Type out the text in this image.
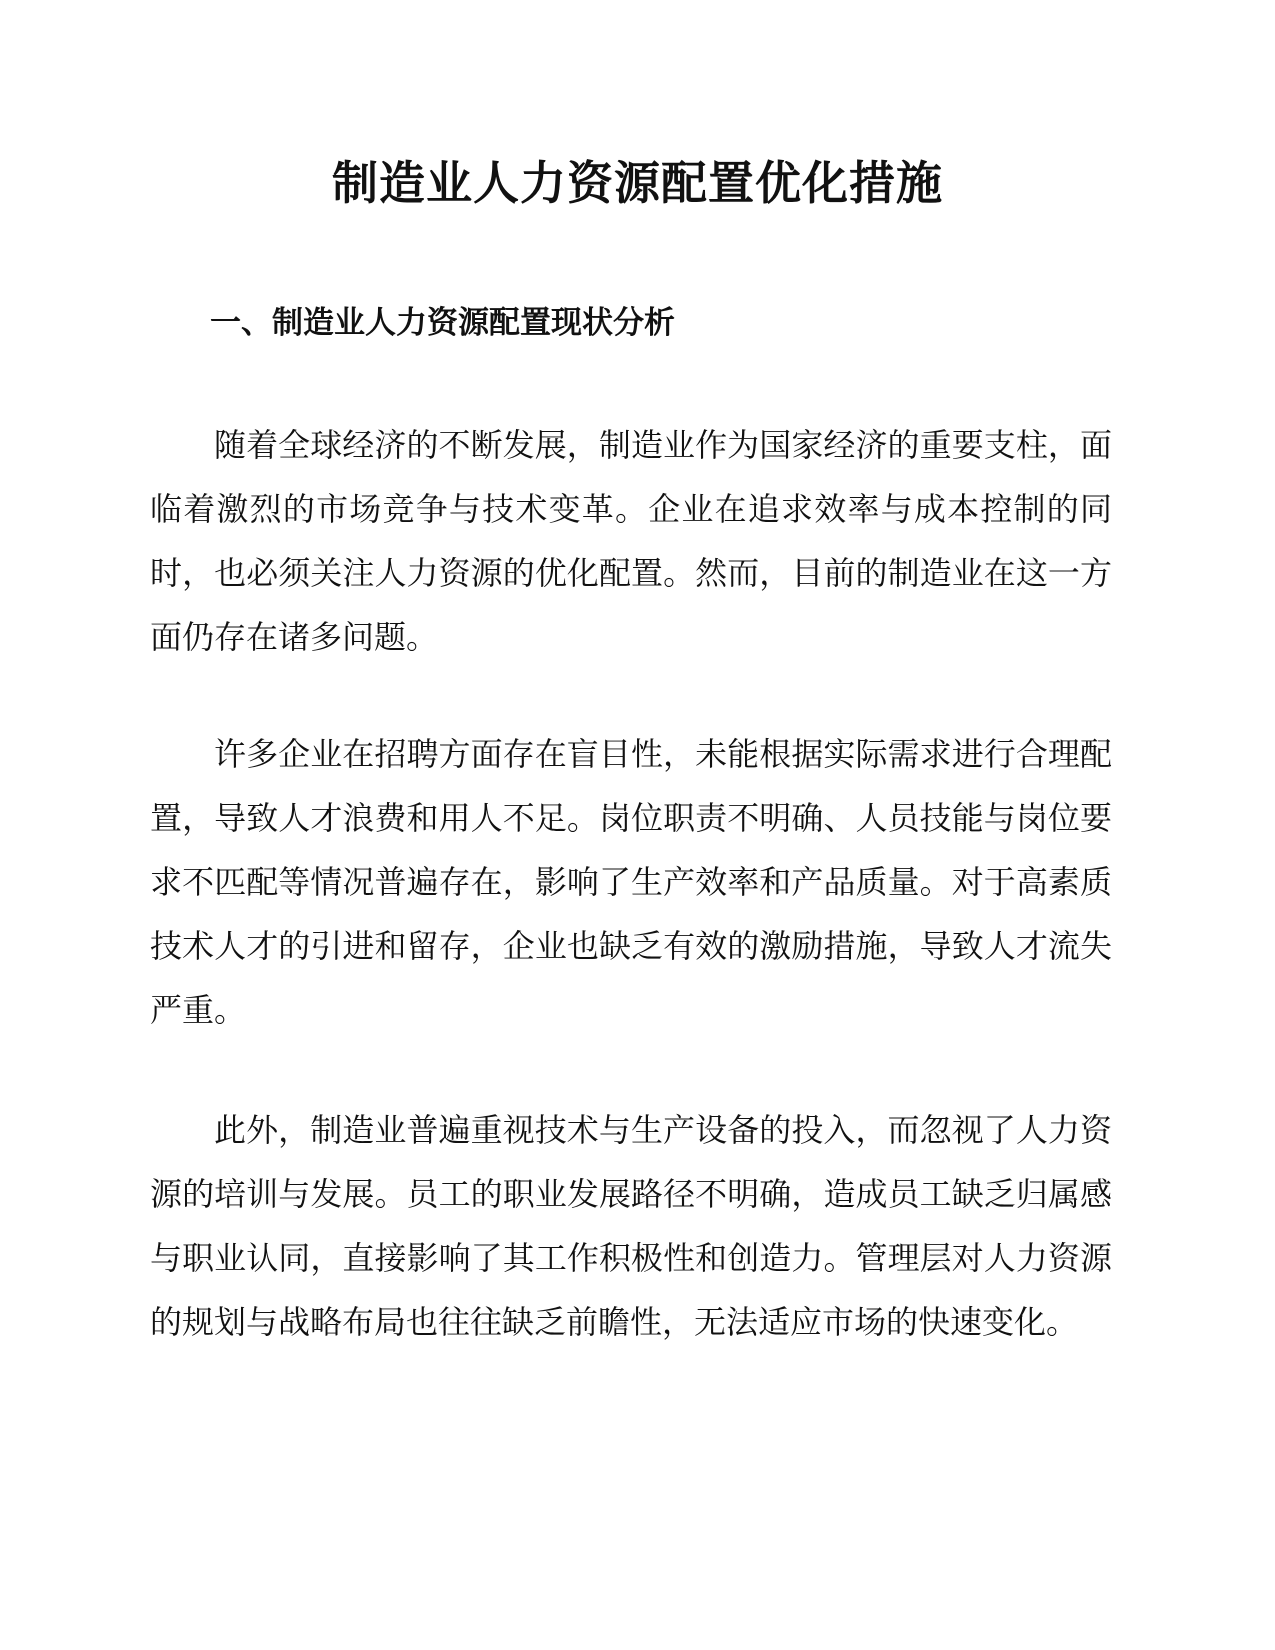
制造业人力资源配置优化措施
一、制造业人力资源配置现状分析

随着全球经济的不断发展，制造业作为国家经济的重要支柱，面临着激烈的市场竞争与技术变革。企业在追求效率与成本控制的同时，也必须关注人力资源的优化配置。然而，目前的制造业在这一方面仍存在诸多问题。

许多企业在招聘方面存在盲目性，未能根据实际需求进行合理配置，导致人才浪费和用人不足。岗位职责不明确、人员技能与岗位要求不匹配等情况普遍存在，影响了生产效率和产品质量。对于高素质技术人才的引进和留存，企业也缺乏有效的激励措施，导致人才流失严重。

此外，制造业普遍重视技术与生产设备的投入，而忽视了人力资源的培训与发展。员工的职业发展路径不明确，造成员工缺乏归属感与职业认同，直接影响了其工作积极性和创造力。管理层对人力资源的规划与战略布局也往往缺乏前瞻性，无法适应市场的快速变化。
